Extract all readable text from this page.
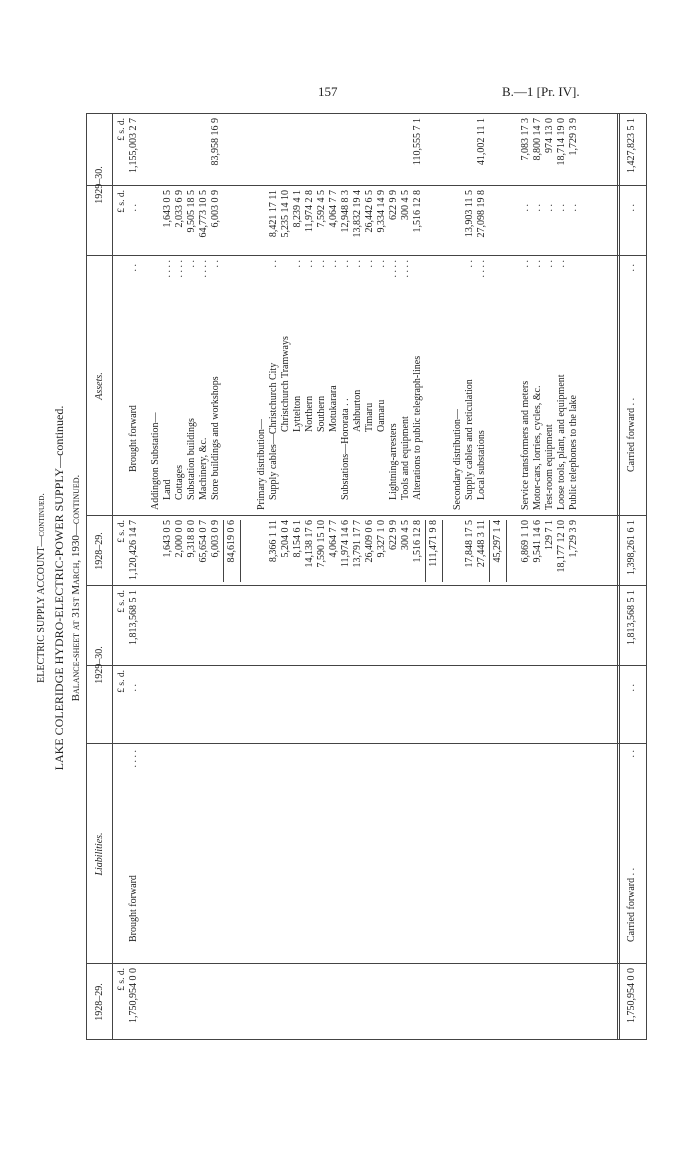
157	B.—1 [Pr. IV].
ELECTRIC SUPPLY ACCOUNT—continued. LAKE COLERIDGE HYDRO-ELECTRIC-POWER SUPPLY—continued. Balance-sheet at 31st March, 1930—continued.
1928–29.
Liabilities.
1929–30.
1928–29.
Assets.
1929–30.
£ s. d.
£ s. d.
£ s. d.
£ s. d.
£ s. d.
£ s. d.
1,750,954 0 0
Brought forward
. . . .
. .
1,813,568 5 1
1,120,426 14 7
Brought forward
. .
. .
1,155,003 2 7
Addington Substation— Land
. . . .
1,643 0 5
1,643 0 5
Cottages
. . . .
2,000 0 0
2,033 6 9
Substation buildings
. .
9,318 8 0
9,505 18 5
Machinery, &c.
. . . .
65,654 0 7
64,773 10 5
Store buildings and workshops
. .
6,003 0 9
6,003 0 9
84,619 0 6
83,958 16 9
Primary distribution— Supply cables—Christchurch City
. .
8,366 1 11
8,421 17 11
Christchurch Tramways
5,204 0 4
5,235 14 10
Lyttelton
. .
8,154 6 1
8,239 4 1
Northern
. .
14,138 17 6
11,974 2 8
Southern
. .
7,590 15 10
7,592 4 5
Motukarara
. .
4,064 7 7
4,064 7 7
Substations—Hororata . .
. .
11,974 14 6
12,948 8 3
Ashburton
. .
13,791 17 7
13,832 19 4
Timaru
. .
26,409 0 6
26,442 6 5
Oamaru
. .
9,327 1 0
9,334 14 9
Lightning-arresters
. . . .
622 9 9
622 9 9
Tools and equipment
. . . .
300 4 5
300 4 5
Alterations to public telegraph-lines
1,516 12 8
1,516 12 8
111,471 9 8
110,555 7 1
Secondary distribution— Supply cables and reticulation
. .
17,848 17 5
13,903 11 5
Local substations
. . . .
27,448 3 11
27,098 19 8
45,297 1 4
41,002 11 1
Service transformers and meters
. .
6,869 1 10
. .
7,083 17 3
Motor-cars, lorries, cycles, &c.
. .
9,541 14 6
. .
8,800 14 7
Test-room equipment
. .
129 7 1
. .
974 13 0
Loose tools, plant, and equipment
. .
18,177 12 10
. .
18,714 19 0
Public telephones to the lake
1,729 3 9
. .
1,729 3 9
1,750,954 0 0
Carried forward . .
. .
. .
1,813,568 5 1
1,398,261 6 1
Carried forward . .
. .
. .
1,427,823 5 1
